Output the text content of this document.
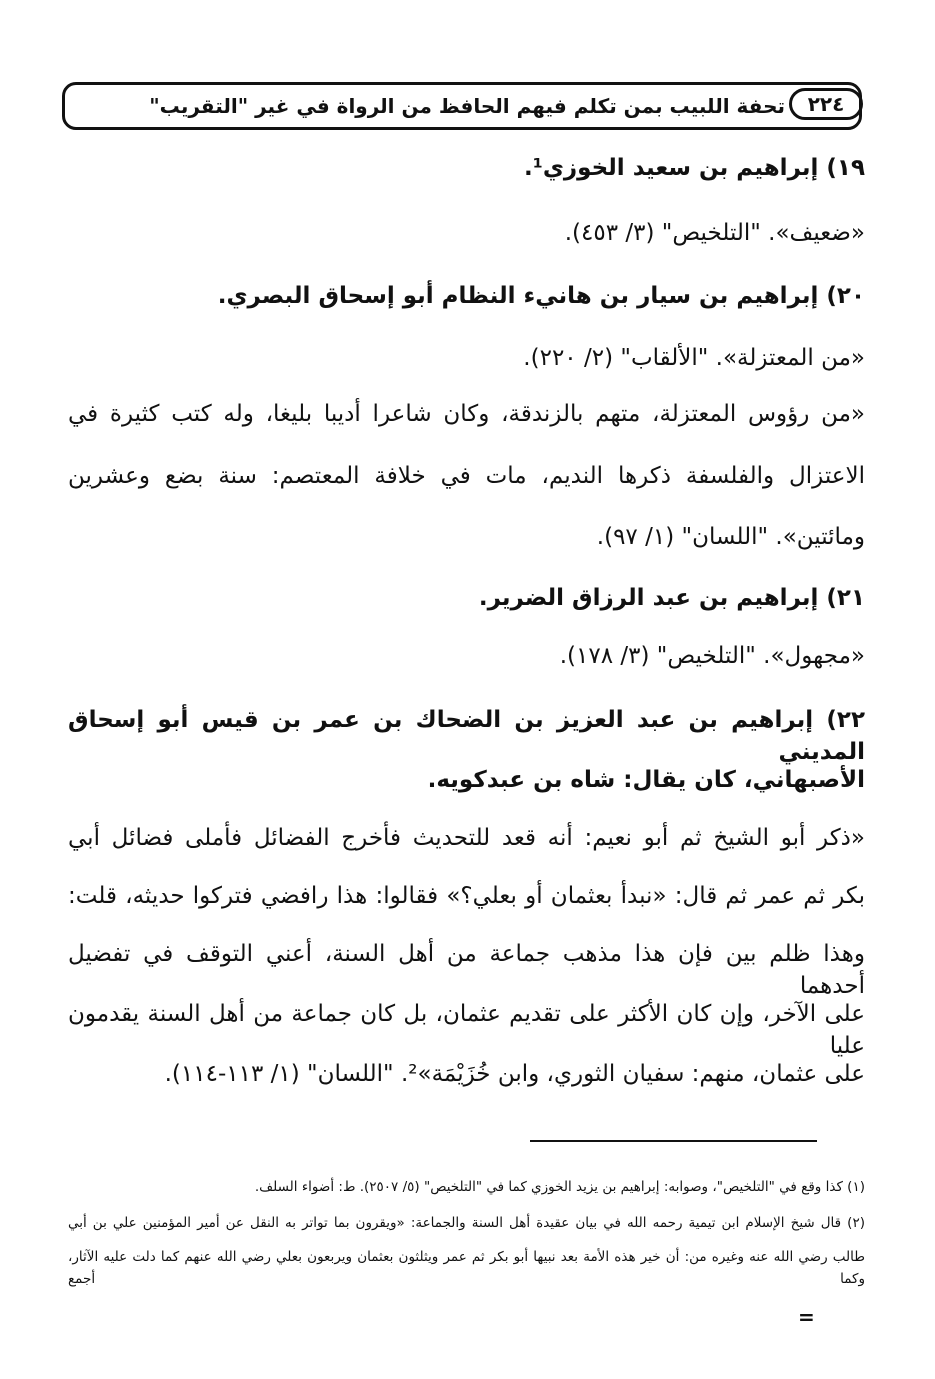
٢٢٤
تحفة اللبيب بمن تكلم فيهم الحافظ من الرواة في غير "التقريب"
١٩) إبراهيم بن سعيد الخوزي¹.
«ضعيف». "التلخيص" (٣/ ٤٥٣).
٢٠) إبراهيم بن سيار بن هانيء النظام أبو إسحاق البصري.
«من المعتزلة». "الألقاب" (٢/ ٢٢٠).
«من رؤوس المعتزلة، متهم بالزندقة، وكان شاعرا أديبا بليغا، وله كتب كثيرة في
الاعتزال والفلسفة ذكرها النديم، مات في خلافة المعتصم: سنة بضع وعشرين
ومائتين». "اللسان" (١/ ٩٧).
٢١) إبراهيم بن عبد الرزاق الضرير.
«مجهول». "التلخيص" (٣/ ١٧٨).
٢٢) إبراهيم بن عبد العزيز بن الضحاك بن عمر بن قيس أبو إسحاق المديني
الأصبهاني، كان يقال: شاه بن عبدكويه.
«ذكر أبو الشيخ ثم أبو نعيم: أنه قعد للتحديث فأخرج الفضائل فأملى فضائل أبي
بكر ثم عمر ثم قال: «نبدأ بعثمان أو بعلي؟» فقالوا: هذا رافضي فتركوا حديثه، قلت:
وهذا ظلم بين فإن هذا مذهب جماعة من أهل السنة، أعني التوقف في تفضيل أحدهما
على الآخر، وإن كان الأكثر على تقديم عثمان، بل كان جماعة من أهل السنة يقدمون عليا
على عثمان، منهم: سفيان الثوري، وابن خُزَيْمَة»². "اللسان" (١/ ١١٣-١١٤).
(١) كذا وقع في "التلخيص"، وصوابه: إبراهيم بن يزيد الخوزي كما في "التلخيص" (٥/ ٢٥٠٧). ط: أضواء السلف.
(٢) قال شيخ الإسلام ابن تيمية رحمه الله في بيان عقيدة أهل السنة والجماعة: «ويقرون بما تواتر به النقل عن أمير المؤمنين علي بن أبي
طالب رضي الله عنه وغيره من: أن خير هذه الأمة بعد نبيها أبو بكر ثم عمر ويثلثون بعثمان ويربعون بعلي رضي الله عنهم كما دلت عليه الآثار، وكما أجمع
=
